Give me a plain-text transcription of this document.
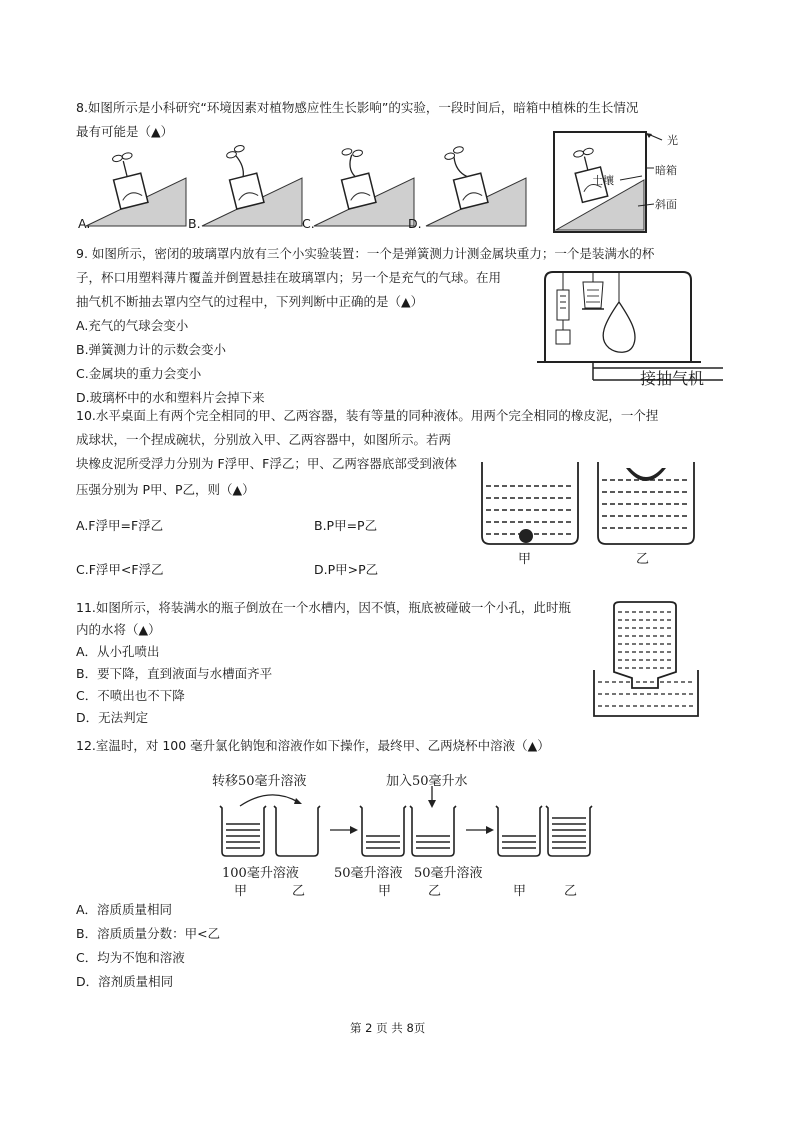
8.如图所示是小科研究“环境因素对植物感应性生长影响”的实验，一段时间后，暗箱中植株的生长情况
最有可能是（▲）
A.	B.	C.	D.
光
土壤
暗箱
斜面
9. 如图所示，密闭的玻璃罩内放有三个小实验装置：一个是弹簧测力计测金属块重力；一个是装满水的杯
子，杯口用塑料薄片覆盖并倒置悬挂在玻璃罩内；另一个是充气的气球。在用
抽气机不断抽去罩内空气的过程中，下列判断中正确的是（▲）
A.充气的气球会变小
B.弹簧测力计的示数会变小
C.金属块的重力会变小
D.玻璃杯中的水和塑料片会掉下来
接抽气机
10.水平桌面上有两个完全相同的甲、乙两容器，装有等量的同种液体。用两个完全相同的橡皮泥，一个捏
成球状，一个捏成碗状，分别放入甲、乙两容器中，如图所示。若两
块橡皮泥所受浮力分别为 F浮甲、F浮乙；甲、乙两容器底部受到液体
压强分别为 P甲、P乙，则（▲）
A.F浮甲=F浮乙	B.P甲=P乙
C.F浮甲<F浮乙	D.P甲>P乙
甲	乙
11.如图所示，将装满水的瓶子倒放在一个水槽内，因不慎，瓶底被碰破一个小孔，此时瓶
内的水将（▲）
A．从小孔喷出
B．要下降，直到液面与水槽面齐平
C．不喷出也不下降
D．无法判定
12.室温时，对 100 毫升氯化钠饱和溶液作如下操作，最终甲、乙两烧杯中溶液（▲）
转移50毫升溶液	加入50毫升水
100毫升溶液	50毫升溶液 50毫升溶液
甲	乙	甲	乙	甲	乙
A．溶质质量相同
B．溶质质量分数：甲<乙
C．均为不饱和溶液
D．溶剂质量相同
第 2 页 共 8页
